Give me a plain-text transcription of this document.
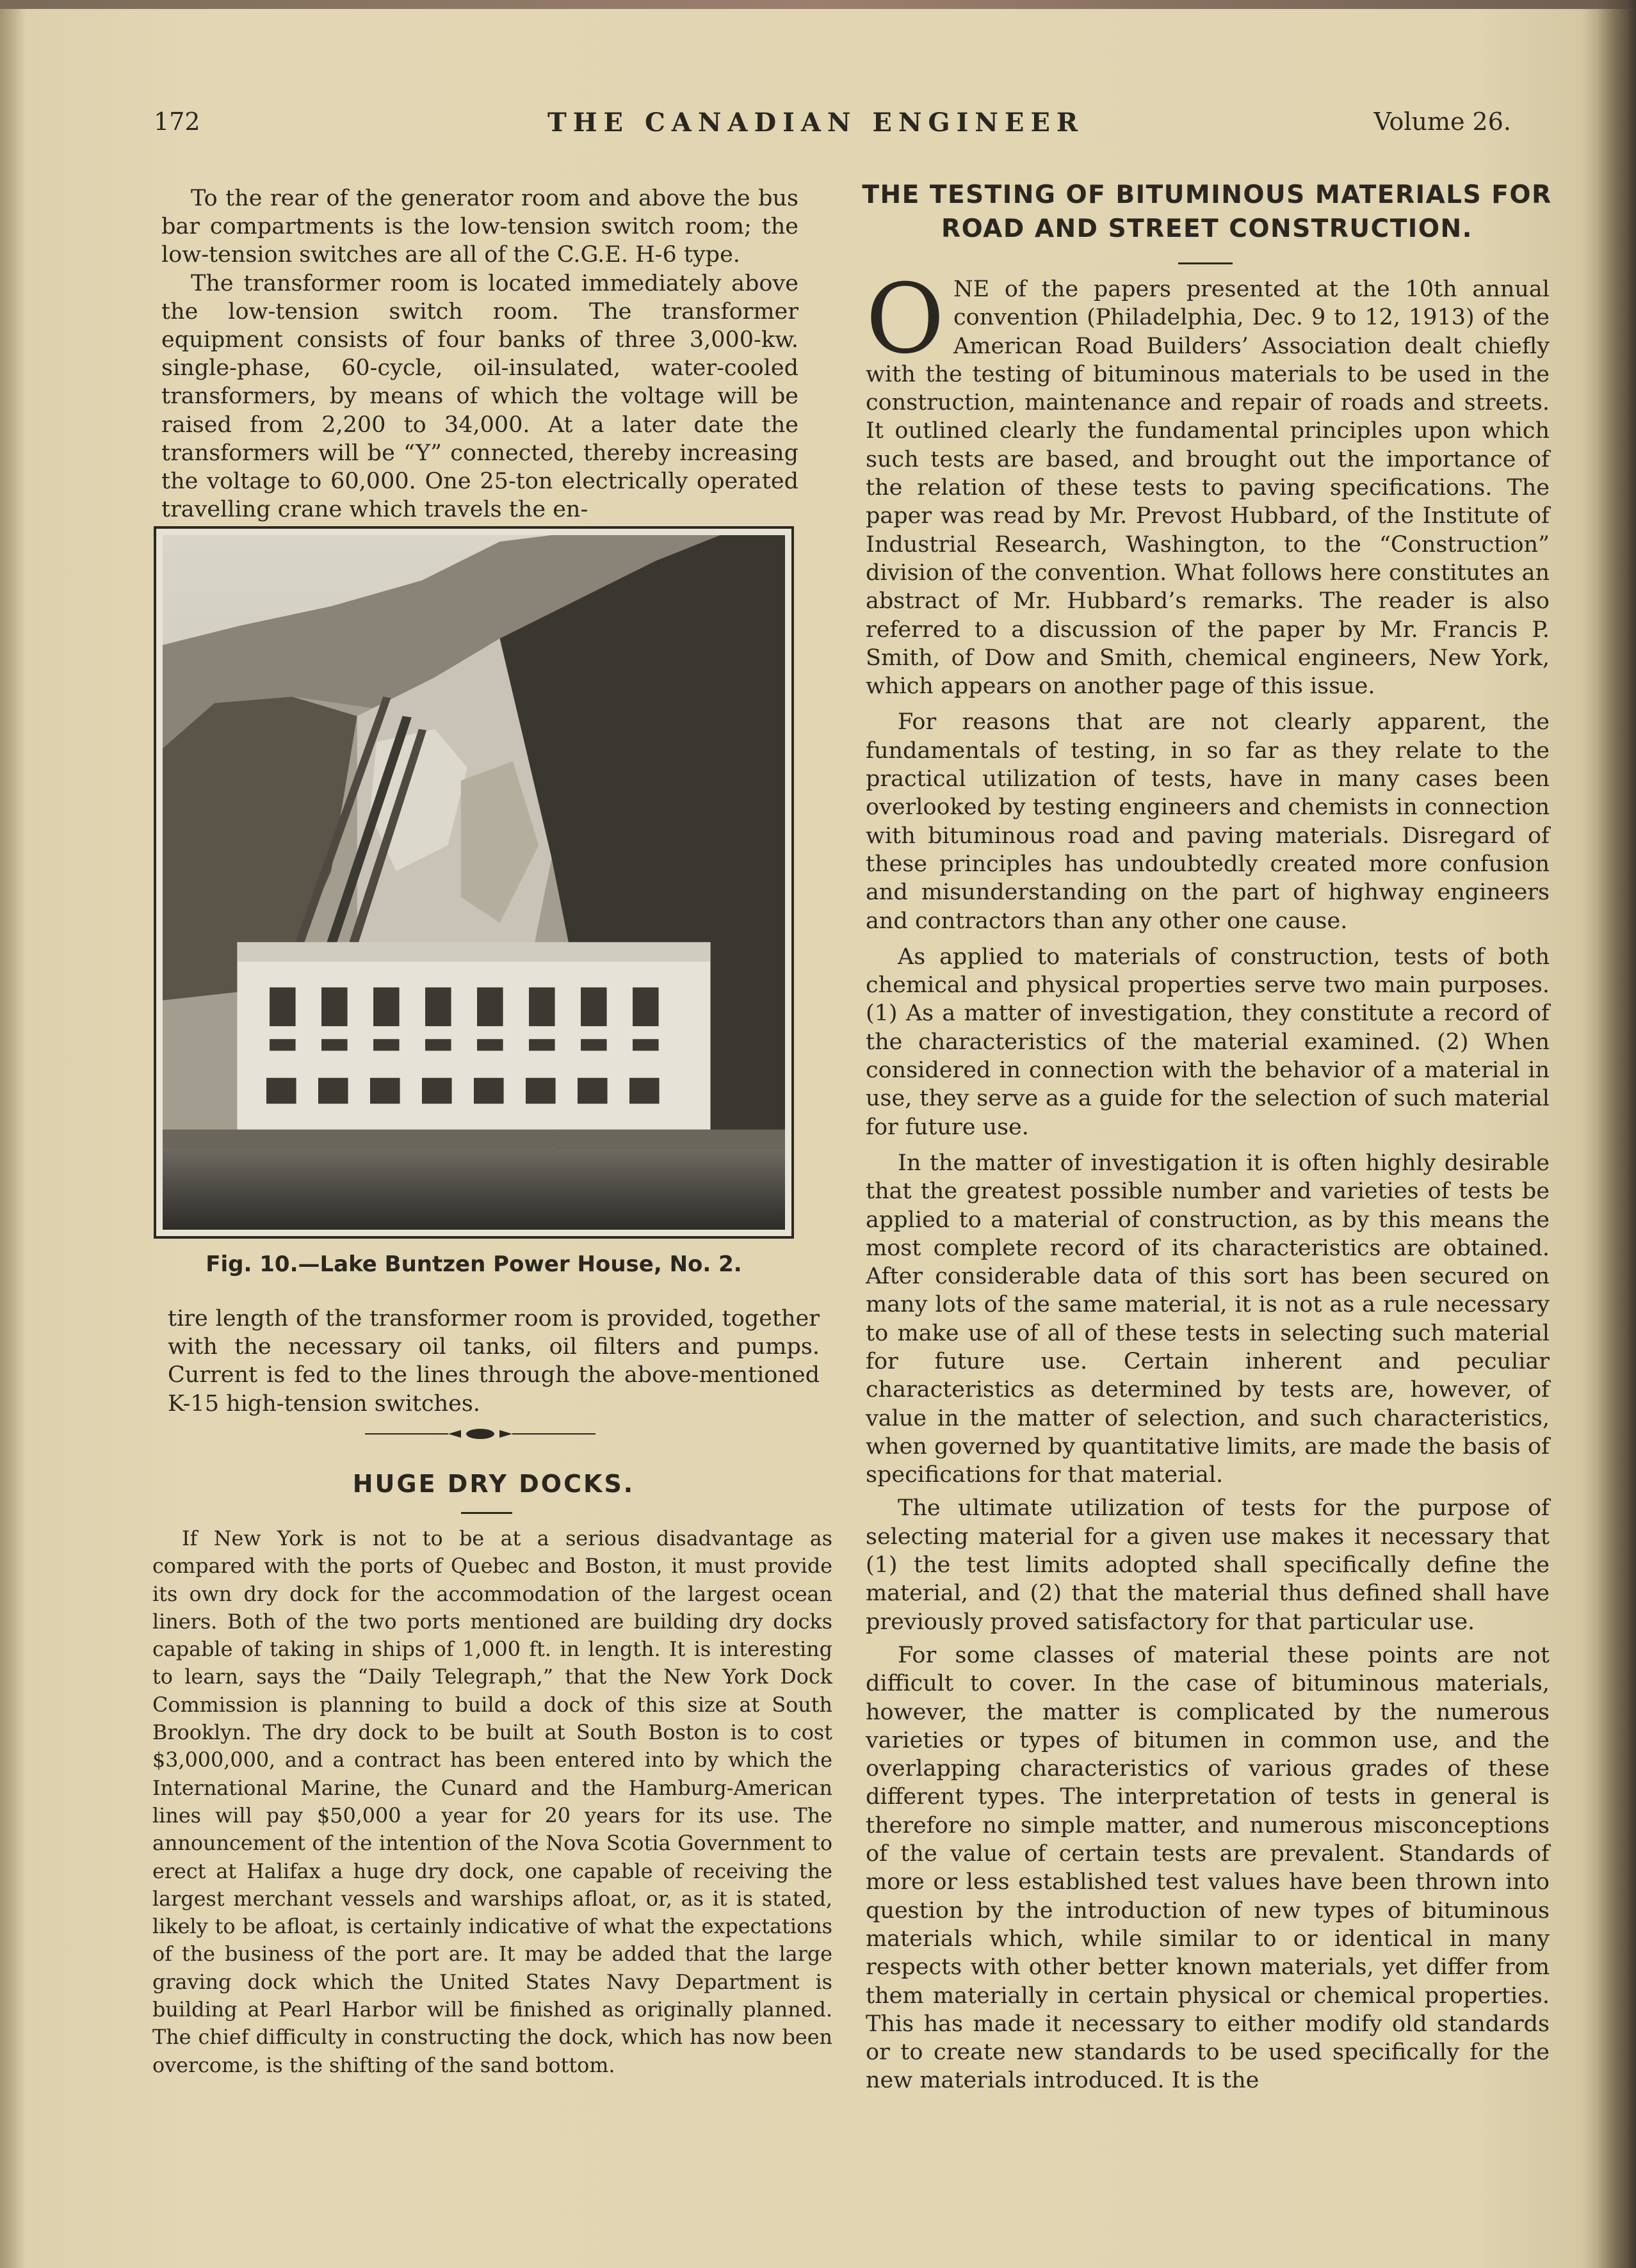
172	THE CANADIAN ENGINEER	Volume 26.

To the rear of the generator room and above the bus bar compartments is the low-tension switch room; the low-tension switches are all of the C.G.E. H-6 type.

The transformer room is located immediately above the low-tension switch room. The transformer equipment consists of four banks of three 3,000-kw. single-phase, 60-cycle, oil-insulated, water-cooled transformers, by means of which the voltage will be raised from 2,200 to 34,000. At a later date the transformers will be “Y” connected, thereby increasing the voltage to 60,000. One 25-ton electrically operated travelling crane which travels the en-

Fig. 10.—Lake Buntzen Power House, No. 2.

tire length of the transformer room is provided, together with the necessary oil tanks, oil filters and pumps. Current is fed to the lines through the above-mentioned K-15 high-tension switches.

HUGE DRY DOCKS.

If New York is not to be at a serious disadvantage as compared with the ports of Quebec and Boston, it must provide its own dry dock for the accommodation of the largest ocean liners. Both of the two ports mentioned are building dry docks capable of taking in ships of 1,000 ft. in length. It is interesting to learn, says the “Daily Telegraph,” that the New York Dock Commission is planning to build a dock of this size at South Brooklyn. The dry dock to be built at South Boston is to cost $3,000,000, and a contract has been entered into by which the International Marine, the Cunard and the Hamburg-American lines will pay $50,000 a year for 20 years for its use. The announcement of the intention of the Nova Scotia Government to erect at Halifax a huge dry dock, one capable of receiving the largest merchant vessels and warships afloat, or, as it is stated, likely to be afloat, is certainly indicative of what the expectations of the business of the port are. It may be added that the large graving dock which the United States Navy Department is building at Pearl Harbor will be finished as originally planned. The chief difficulty in constructing the dock, which has now been overcome, is the shifting of the sand bottom.

THE TESTING OF BITUMINOUS MATERIALS FOR
ROAD AND STREET CONSTRUCTION.

ONE of the papers presented at the 10th annual convention (Philadelphia, Dec. 9 to 12, 1913) of the American Road Builders’ Association dealt chiefly with the testing of bituminous materials to be used in the construction, maintenance and repair of roads and streets. It outlined clearly the fundamental principles upon which such tests are based, and brought out the importance of the relation of these tests to paving specifications. The paper was read by Mr. Prevost Hubbard, of the Institute of Industrial Research, Washington, to the “Construction” division of the convention. What follows here constitutes an abstract of Mr. Hubbard’s remarks. The reader is also referred to a discussion of the paper by Mr. Francis P. Smith, of Dow and Smith, chemical engineers, New York, which appears on another page of this issue.

For reasons that are not clearly apparent, the fundamentals of testing, in so far as they relate to the practical utilization of tests, have in many cases been overlooked by testing engineers and chemists in connection with bituminous road and paving materials. Disregard of these principles has undoubtedly created more confusion and misunderstanding on the part of highway engineers and contractors than any other one cause.

As applied to materials of construction, tests of both chemical and physical properties serve two main purposes. (1) As a matter of investigation, they constitute a record of the characteristics of the material examined. (2) When considered in connection with the behavior of a material in use, they serve as a guide for the selection of such material for future use.

In the matter of investigation it is often highly desirable that the greatest possible number and varieties of tests be applied to a material of construction, as by this means the most complete record of its characteristics are obtained. After considerable data of this sort has been secured on many lots of the same material, it is not as a rule necessary to make use of all of these tests in selecting such material for future use. Certain inherent and peculiar characteristics as determined by tests are, however, of value in the matter of selection, and such characteristics, when governed by quantitative limits, are made the basis of specifications for that material.

The ultimate utilization of tests for the purpose of selecting material for a given use makes it necessary that (1) the test limits adopted shall specifically define the material, and (2) that the material thus defined shall have previously proved satisfactory for that particular use.

For some classes of material these points are not difficult to cover. In the case of bituminous materials, however, the matter is complicated by the numerous varieties or types of bitumen in common use, and the overlapping characteristics of various grades of these different types. The interpretation of tests in general is therefore no simple matter, and numerous misconceptions of the value of certain tests are prevalent. Standards of more or less established test values have been thrown into question by the introduction of new types of bituminous materials which, while similar to or identical in many respects with other better known materials, yet differ from them materially in certain physical or chemical properties. This has made it necessary to either modify old standards or to create new standards to be used specifically for the new materials introduced. It is the
